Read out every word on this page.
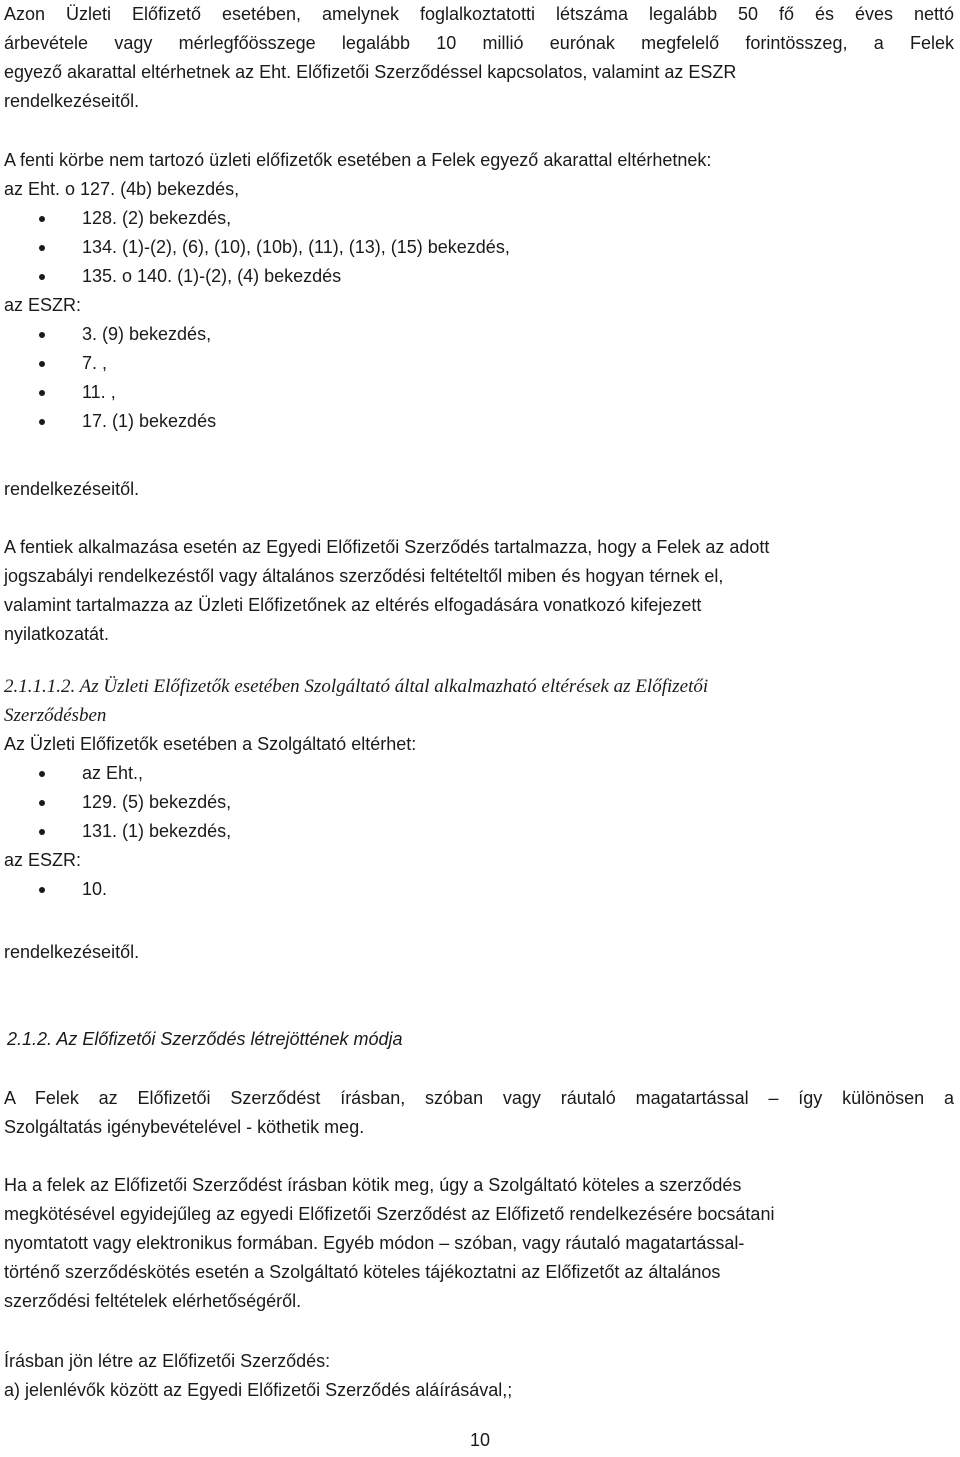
Azon Üzleti Előfizető esetében, amelynek foglalkoztatotti létszáma legalább 50 fő és éves nettó
árbevétele vagy mérlegfőösszege legalább 10 millió eurónak megfelelő forintösszeg, a Felek
egyező akarattal eltérhetnek az Eht. Előfizetői Szerződéssel kapcsolatos, valamint az ESZR
rendelkezéseitől.
A fenti körbe nem tartozó üzleti előfizetők esetében a Felek egyező akarattal eltérhetnek:
az Eht. o 127. (4b) bekezdés,
128. (2) bekezdés,
134. (1)-(2), (6), (10), (10b), (11), (13), (15) bekezdés,
135. o 140. (1)-(2), (4) bekezdés
az ESZR:
3. (9) bekezdés,
7. ,
11. ,
17. (1) bekezdés
rendelkezéseitől.
A fentiek alkalmazása esetén az Egyedi Előfizetői Szerződés tartalmazza, hogy a Felek az adott
jogszabályi rendelkezéstől vagy általános szerződési feltételtől miben és hogyan térnek el,
valamint tartalmazza az Üzleti Előfizetőnek az eltérés elfogadására vonatkozó kifejezett
nyilatkozatát.
2.1.1.1.2. Az Üzleti Előfizetők esetében Szolgáltató által alkalmazható eltérések az Előfizetői
Szerződésben
Az Üzleti Előfizetők esetében a Szolgáltató eltérhet:
az Eht.,
129. (5) bekezdés,
131. (1) bekezdés,
az ESZR:
10.
rendelkezéseitől.
2.1.2. Az Előfizetői Szerződés létrejöttének módja
A Felek az Előfizetői Szerződést írásban, szóban vagy ráutaló magatartással – így különösen a
Szolgáltatás igénybevételével - köthetik meg.
Ha a felek az Előfizetői Szerződést írásban kötik meg, úgy a Szolgáltató köteles a szerződés
megkötésével egyidejűleg az egyedi Előfizetői Szerződést az Előfizető rendelkezésére bocsátani
nyomtatott vagy elektronikus formában. Egyéb módon – szóban, vagy ráutaló magatartással-
történő szerződéskötés esetén a Szolgáltató köteles tájékoztatni az Előfizetőt az általános
szerződési feltételek elérhetőségéről.
Írásban jön létre az Előfizetői Szerződés:
a) jelenlévők között az Egyedi Előfizetői Szerződés aláírásával,;
10
